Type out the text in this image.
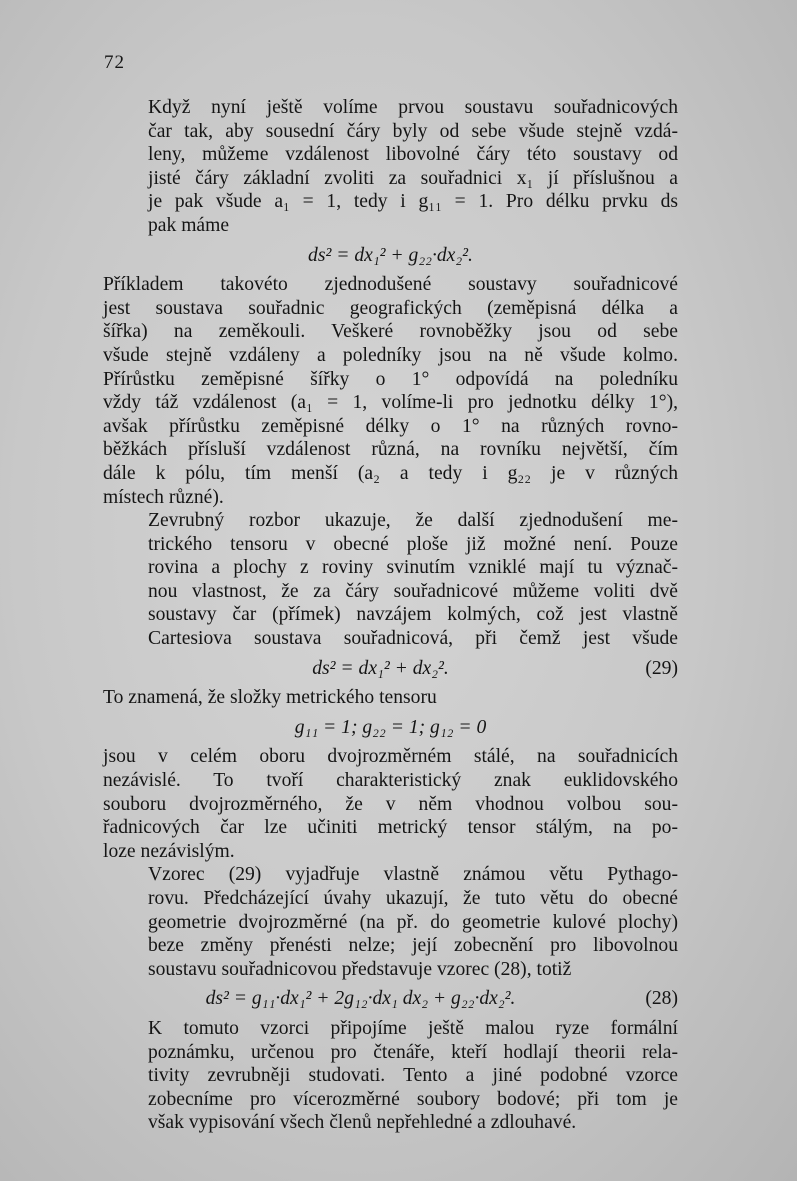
72

Když nyní ještě volíme prvou soustavu souřadnicových
čar tak, aby sousední čáry byly od sebe všude stejně vzdá-
leny, můžeme vzdálenost libovolné čáry této soustavy od
jisté čáry základní zvoliti za souřadnici x₁ jí příslušnou a
je pak všude a₁ = 1, tedy i g₁₁ = 1. Pro délku prvku ds
pak máme

ds² = dx₁² + g₂₂·dx₂².

Příkladem takovéto zjednodušené soustavy souřadnicové
jest soustava souřadnic geografických (zeměpisná délka a
šířka) na zeměkouli. Veškeré rovnoběžky jsou od sebe
všude stejně vzdáleny a poledníky jsou na ně všude kolmo.
Přírůstku zeměpisné šířky o 1° odpovídá na poledníku
vždy táž vzdálenost (a₁ = 1, volíme-li pro jednotku délky 1°),
avšak přírůstku zeměpisné délky o 1° na různých rovno-
běžkách přísluší vzdálenost různá, na rovníku největší, čím
dále k pólu, tím menší (a₂ a tedy i g₂₂ je v různých
místech různé).

Zevrubný rozbor ukazuje, že další zjednodušení me-
trického tensoru v obecné ploše již možné není. Pouze
rovina a plochy z roviny svinutím vzniklé mají tu význač-
nou vlastnost, že za čáry souřadnicové můžeme voliti dvě
soustavy čar (přímek) navzájem kolmých, což jest vlastně
Cartesiova soustava souřadnicová, při čemž jest všude

ds² = dx₁² + dx₂².	(29)

To znamená, že složky metrického tensoru

g₁₁ = 1; g₂₂ = 1; g₁₂ = 0

jsou v celém oboru dvojrozměrném stálé, na souřadnicích
nezávislé. To tvoří charakteristický znak euklidovského
souboru dvojrozměrného, že v něm vhodnou volbou sou-
řadnicových čar lze učiniti metrický tensor stálým, na po-
loze nezávislým.

Vzorec (29) vyjadřuje vlastně známou větu Pythago-
rovu. Předcházející úvahy ukazují, že tuto větu do obecné
geometrie dvojrozměrné (na př. do geometrie kulové plochy)
beze změny přenésti nelze; její zobecnění pro libovolnou
soustavu souřadnicovou představuje vzorec (28), totiž

ds² = g₁₁·dx₁² + 2g₁₂·dx₁ dx₂ + g₂₂·dx₂².	(28)

K tomuto vzorci připojíme ještě malou ryze formální
poznámku, určenou pro čtenáře, kteří hodlají theorii rela-
tivity zevrubněji studovati. Tento a jiné podobné vzorce
zobecníme pro vícerozměrné soubory bodové; při tom je
však vypisování všech členů nepřehledné a zdlouhavé.
